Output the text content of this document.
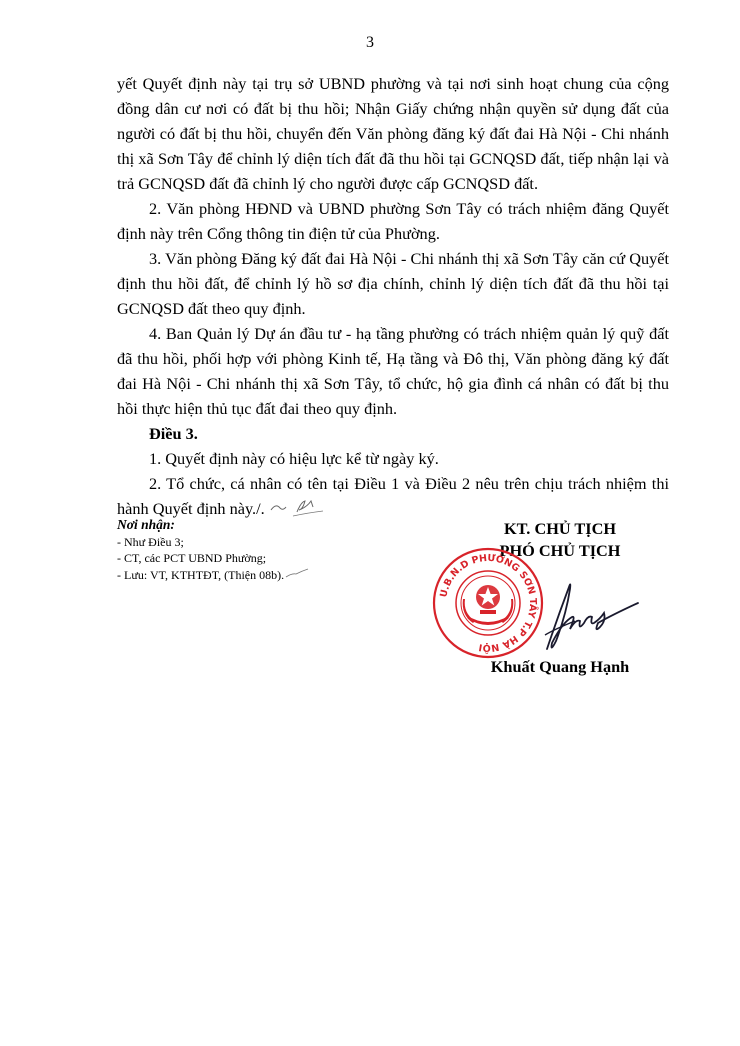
3

yết Quyết định này tại trụ sở UBND phường và tại nơi sinh hoạt chung của cộng đồng dân cư nơi có đất bị thu hồi; Nhận Giấy chứng nhận quyền sử dụng đất của người có đất bị thu hồi, chuyển đến Văn phòng đăng ký đất đai Hà Nội - Chi nhánh thị xã Sơn Tây để chỉnh lý diện tích đất đã thu hồi tại GCNQSD đất, tiếp nhận lại và trả GCNQSD đất đã chỉnh lý cho người được cấp GCNQSD đất.

2. Văn phòng HĐND và UBND phường Sơn Tây có trách nhiệm đăng Quyết định này trên Cổng thông tin điện tử của Phường.

3. Văn phòng Đăng ký đất đai Hà Nội - Chi nhánh thị xã Sơn Tây căn cứ Quyết định thu hồi đất, để chỉnh lý hồ sơ địa chính, chỉnh lý diện tích đất đã thu hồi tại GCNQSD đất theo quy định.

4. Ban Quản lý Dự án đầu tư - hạ tầng phường có trách nhiệm quản lý quỹ đất đã thu hồi, phối hợp với phòng Kinh tế, Hạ tầng và Đô thị, Văn phòng đăng ký đất đai Hà Nội - Chi nhánh thị xã Sơn Tây, tổ chức, hộ gia đình cá nhân có đất bị thu hồi thực hiện thủ tục đất đai theo quy định.

Điều 3.

1. Quyết định này có hiệu lực kể từ ngày ký.

2. Tổ chức, cá nhân có tên tại Điều 1 và Điều 2 nêu trên chịu trách nhiệm thi hành Quyết định này./.

Nơi nhận:
- Như Điều 3;
- CT, các PCT UBND Phường;
- Lưu: VT, KTHTĐT, (Thiện 08b).
KT. CHỦ TỊCH
PHÓ CHỦ TỊCH
U.B.N.D PHƯỜNG SƠN TÂY T.P HÀ NỘI
Khuất Quang Hạnh
